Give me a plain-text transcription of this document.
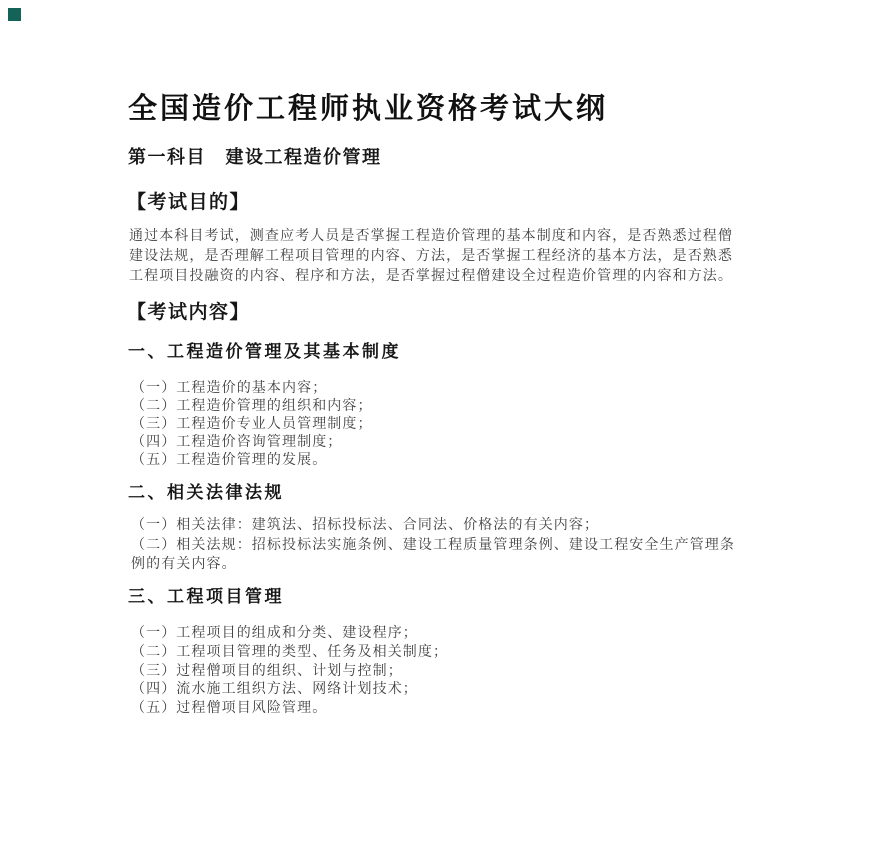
全国造价工程师执业资格考试大纲
第一科目　建设工程造价管理
【考试目的】
通过本科目考试，测查应考人员是否掌握工程造价管理的基本制度和内容，是否熟悉过程僧
建设法规，是否理解工程项目管理的内容、方法，是否掌握工程经济的基本方法，是否熟悉
工程项目投融资的内容、程序和方法，是否掌握过程僧建设全过程造价管理的内容和方法。
【考试内容】
一、工程造价管理及其基本制度
（一）工程造价的基本内容；
（二）工程造价管理的组织和内容；
（三）工程造价专业人员管理制度；
（四）工程造价咨询管理制度；
（五）工程造价管理的发展。
二、相关法律法规
（一）相关法律：建筑法、招标投标法、合同法、价格法的有关内容；
（二）相关法规：招标投标法实施条例、建设工程质量管理条例、建设工程安全生产管理条
例的有关内容。
三、工程项目管理
（一）工程项目的组成和分类、建设程序；
（二）工程项目管理的类型、任务及相关制度；
（三）过程僧项目的组织、计划与控制；
（四）流水施工组织方法、网络计划技术；
（五）过程僧项目风险管理。
